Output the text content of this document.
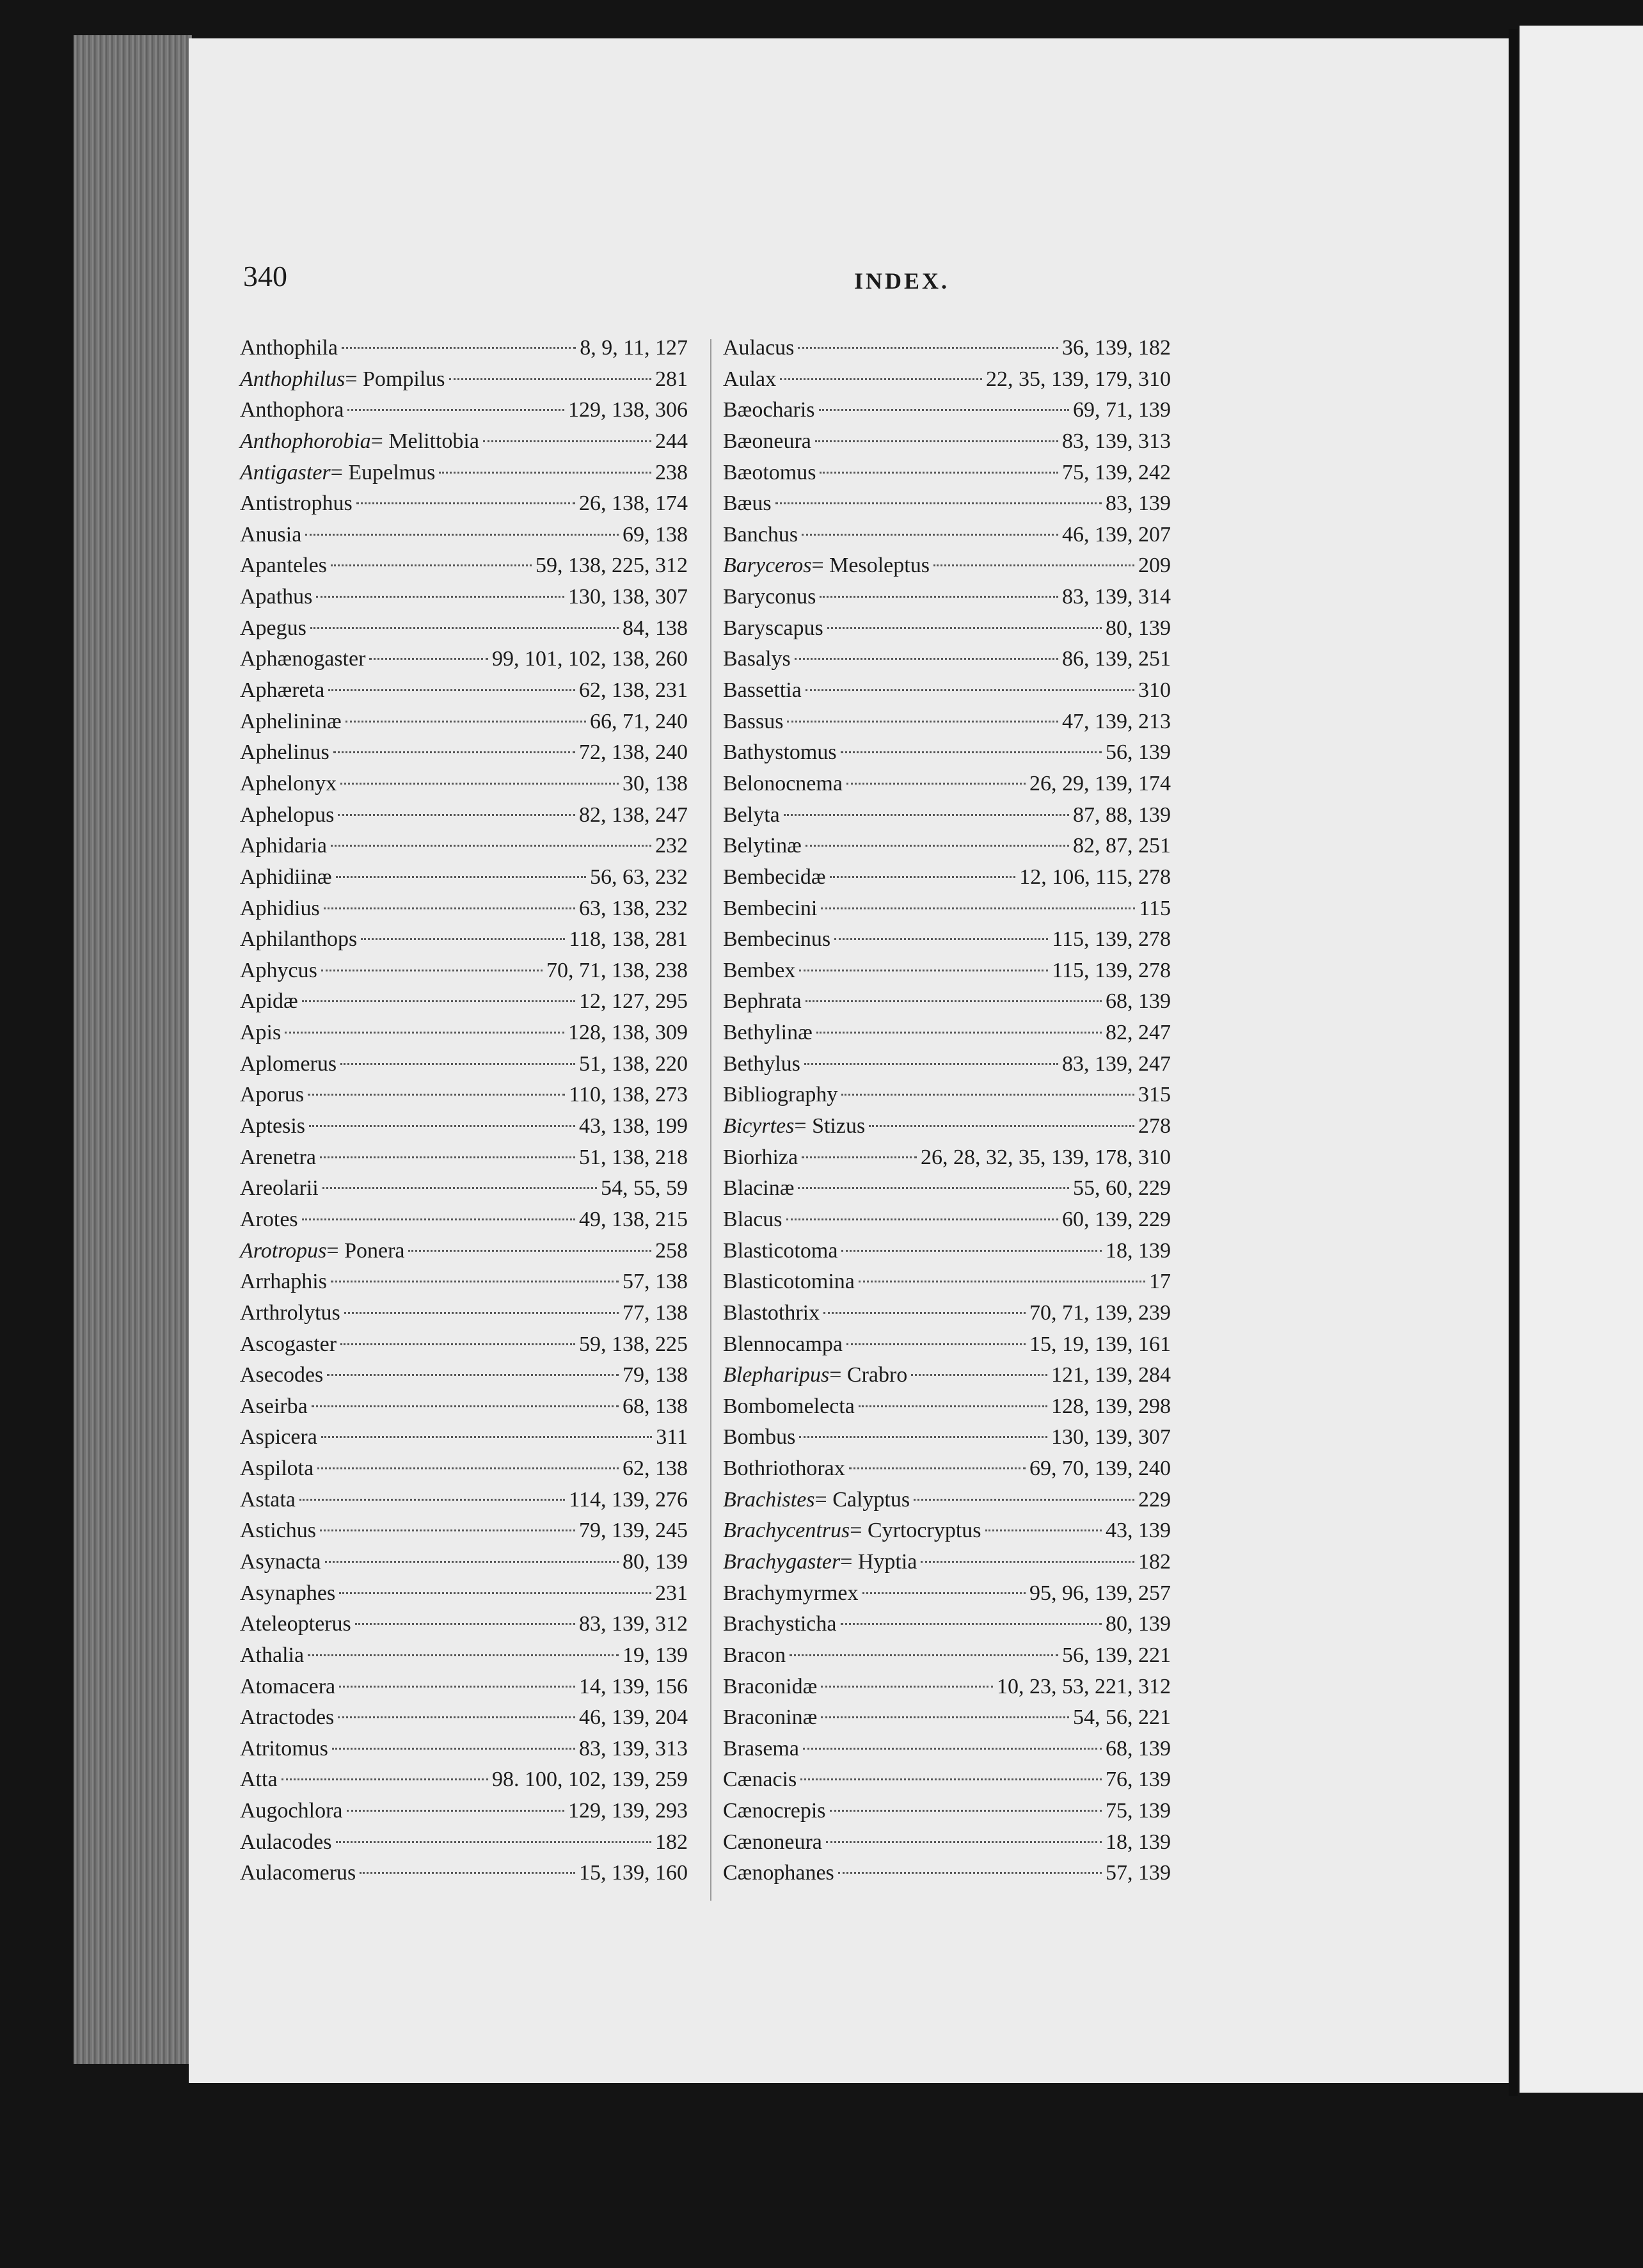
340	INDEX.
Anthophila	8, 9, 11, 127
Anthophilus = Pompilus	281
Anthophora	129, 138, 306
Anthophorobia = Melittobia	244
Antigaster = Eupelmus	238
Antistrophus	26, 138, 174
Anusia	69, 138
Apanteles	59, 138, 225, 312
Apathus	130, 138, 307
Apegus	84, 138
Aphænogaster	99, 101, 102, 138, 260
Aphæreta	62, 138, 231
Aphelininæ	66, 71, 240
Aphelinus	72, 138, 240
Aphelonyx	30, 138
Aphelopus	82, 138, 247
Aphidaria	232
Aphidiinæ	56, 63, 232
Aphidius	63, 138, 232
Aphilanthops	118, 138, 281
Aphycus	70, 71, 138, 238
Apidæ	12, 127, 295
Apis	128, 138, 309
Aplomerus	51, 138, 220
Aporus	110, 138, 273
Aptesis	43, 138, 199
Arenetra	51, 138, 218
Areolarii	54, 55, 59
Arotes	49, 138, 215
Arotropus = Ponera	258
Arrhaphis	57, 138
Arthrolytus	77, 138
Ascogaster	59, 138, 225
Asecodes	79, 138
Aseirba	68, 138
Aspicera	311
Aspilota	62, 138
Astata	114, 139, 276
Astichus	79, 139, 245
Asynacta	80, 139
Asynaphes	231
Ateleopterus	83, 139, 312
Athalia	19, 139
Atomacera	14, 139, 156
Atractodes	46, 139, 204
Atritomus	83, 139, 313
Atta	98. 100, 102, 139, 259
Augochlora	129, 139, 293
Aulacodes	182
Aulacomerus	15, 139, 160
Aulacus	36, 139, 182
Aulax	22, 35, 139, 179, 310
Bæocharis	69, 71, 139
Bæoneura	83, 139, 313
Bæotomus	75, 139, 242
Bæus	83, 139
Banchus	46, 139, 207
Baryceros = Mesoleptus	209
Baryconus	83, 139, 314
Baryscapus	80, 139
Basalys	86, 139, 251
Bassettia	310
Bassus	47, 139, 213
Bathystomus	56, 139
Belonocnema	26, 29, 139, 174
Belyta	87, 88, 139
Belytinæ	82, 87, 251
Bembecidæ	12, 106, 115, 278
Bembecini	115
Bembecinus	115, 139, 278
Bembex	115, 139, 278
Bephrata	68, 139
Bethylinæ	82, 247
Bethylus	83, 139, 247
Bibliography	315
Bicyrtes = Stizus	278
Biorhiza	26, 28, 32, 35, 139, 178, 310
Blacinæ	55, 60, 229
Blacus	60, 139, 229
Blasticotoma	18, 139
Blasticotomina	17
Blastothrix	70, 71, 139, 239
Blennocampa	15, 19, 139, 161
Blepharipus = Crabro	121, 139, 284
Bombomelecta	128, 139, 298
Bombus	130, 139, 307
Bothriothorax	69, 70, 139, 240
Brachistes = Calyptus	229
Brachycentrus = Cyrtocryptus	43, 139
Brachygaster = Hyptia	182
Brachymyrmex	95, 96, 139, 257
Brachysticha	80, 139
Bracon	56, 139, 221
Braconidæ	10, 23, 53, 221, 312
Braconinæ	54, 56, 221
Brasema	68, 139
Cænacis	76, 139
Cænocrepis	75, 139
Cænoneura	18, 139
Cænophanes	57, 139
